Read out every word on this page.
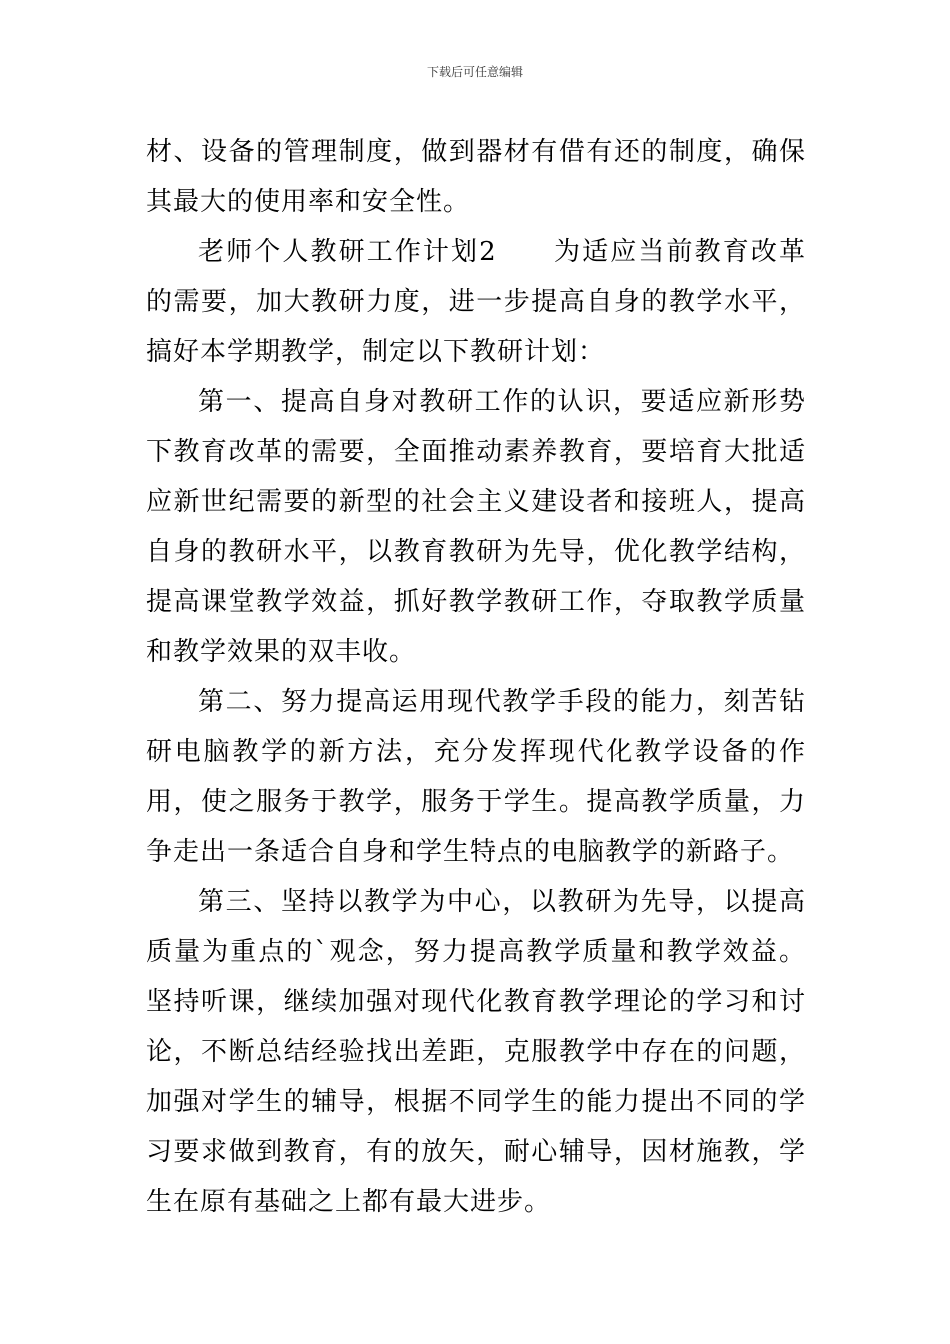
下载后可任意编辑

材、设备的管理制度，做到器材有借有还的制度，确保其最大的使用率和安全性。

老师个人教研工作计划2　　为适应当前教育改革的需要，加大教研力度，进一步提高自身的教学水平，搞好本学期教学，制定以下教研计划：

第一、提高自身对教研工作的认识，要适应新形势下教育改革的需要，全面推动素养教育，要培育大批适应新世纪需要的新型的社会主义建设者和接班人，提高自身的教研水平，以教育教研为先导，优化教学结构，提高课堂教学效益，抓好教学教研工作，夺取教学质量和教学效果的双丰收。

第二、努力提高运用现代教学手段的能力，刻苦钻研电脑教学的新方法，充分发挥现代化教学设备的作用，使之服务于教学，服务于学生。提高教学质量，力争走出一条适合自身和学生特点的电脑教学的新路子。

第三、坚持以教学为中心，以教研为先导，以提高质量为重点的`观念，努力提高教学质量和教学效益。坚持听课，继续加强对现代化教育教学理论的学习和讨论，不断总结经验找出差距，克服教学中存在的问题，加强对学生的辅导，根据不同学生的能力提出不同的学习要求做到教育，有的放矢，耐心辅导，因材施教，学生在原有基础之上都有最大进步。
